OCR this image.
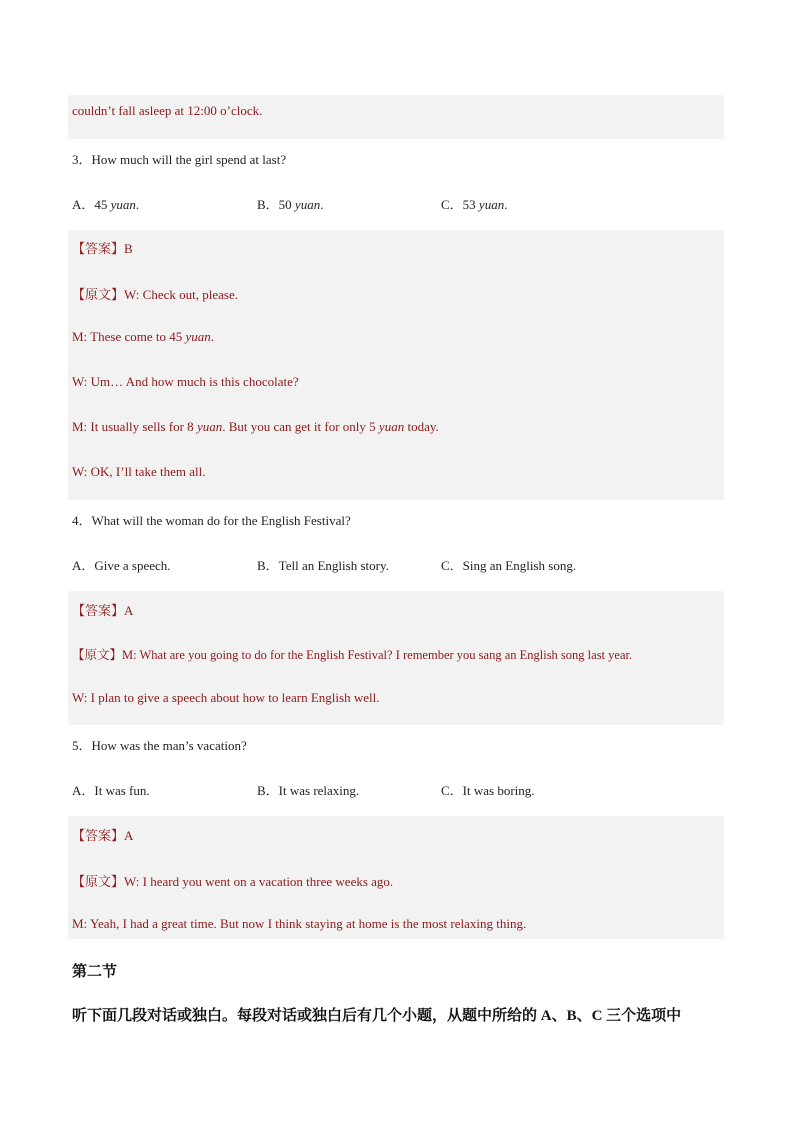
couldn’t fall asleep at 12:00 o’clock.
3．How much will the girl spend at last?
A．45 yuan.	B．50 yuan.	C．53 yuan.
【答案】B
【原文】W: Check out, please.
M: These come to 45 yuan.
W: Um… And how much is this chocolate?
M: It usually sells for 8 yuan. But you can get it for only 5 yuan today.
W: OK, I’ll take them all.
4．What will the woman do for the English Festival?
A．Give a speech.	B．Tell an English story.	C．Sing an English song.
【答案】A
【原文】M: What are you going to do for the English Festival? I remember you sang an English song last year.
W: I plan to give a speech about how to learn English well.
5．How was the man’s vacation?
A．It was fun.	B．It was relaxing.	C．It was boring.
【答案】A
【原文】W: I heard you went on a vacation three weeks ago.
M: Yeah, I had a great time. But now I think staying at home is the most relaxing thing.
第二节
听下面几段对话或独白。每段对话或独白后有几个小题，从题中所给的 A、B、C 三个选项中
